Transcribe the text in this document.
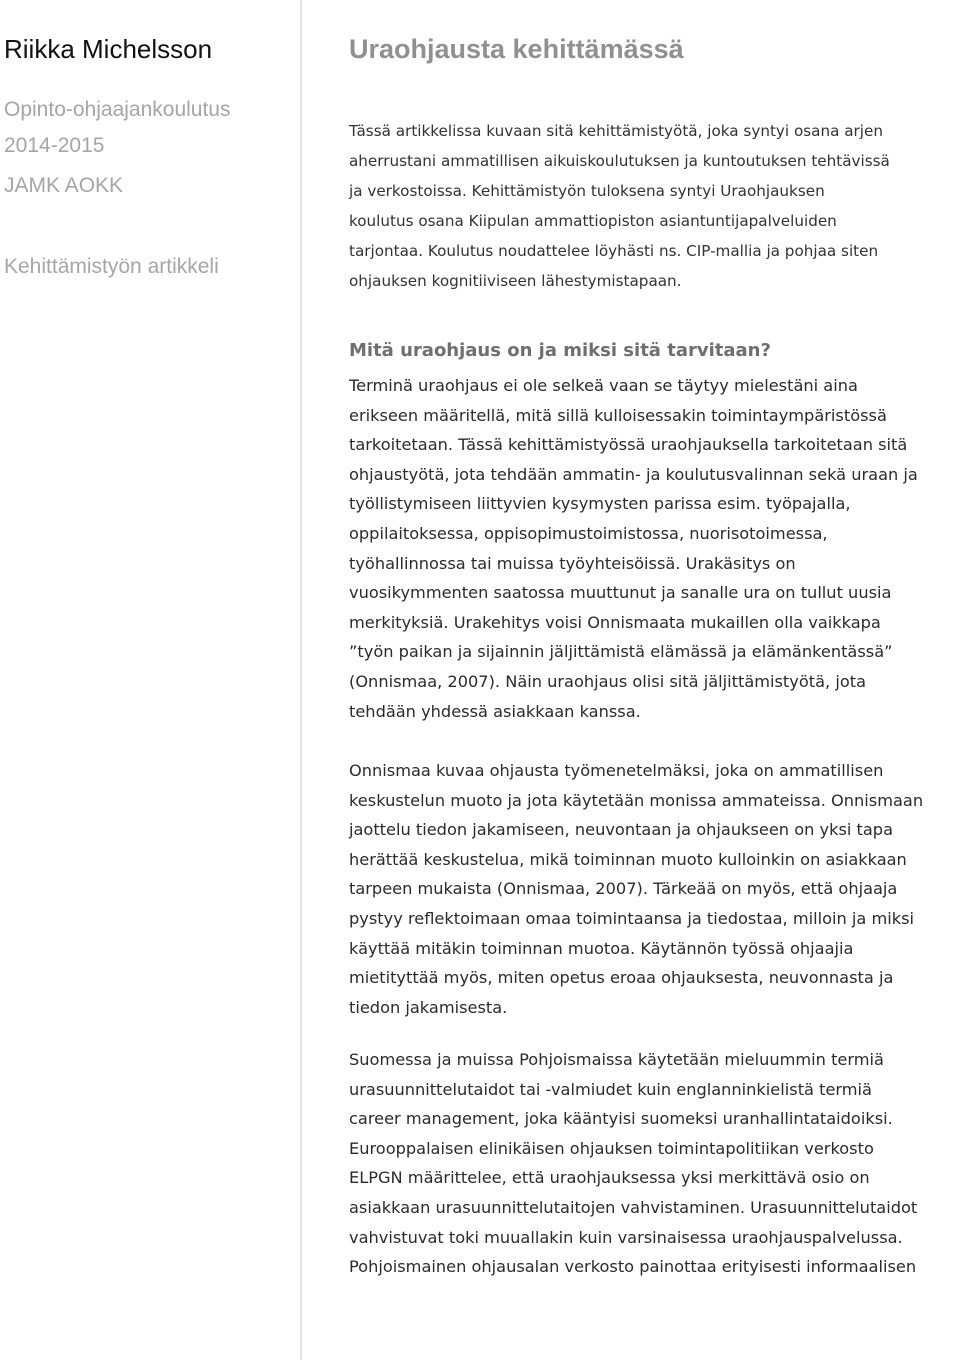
Riikka Michelsson
Opinto-ohjaajankoulutus
2014-2015
JAMK AOKK
Kehittämistyön artikkeli
Uraohjausta kehittämässä
Tässä artikkelissa kuvaan sitä kehittämistyötä, joka syntyi osana arjen
aherrustani ammatillisen aikuiskoulutuksen ja kuntoutuksen tehtävissä
ja verkostoissa. Kehittämistyön tuloksena syntyi Uraohjauksen
koulutus osana Kiipulan ammattiopiston asiantuntijapalveluiden
tarjontaa. Koulutus noudattelee löyhästi ns. CIP-mallia ja pohjaa siten
ohjauksen kognitiiviseen lähestymistapaan.
Mitä uraohjaus on ja miksi sitä tarvitaan?
Terminä uraohjaus ei ole selkeä vaan se täytyy mielestäni aina
erikseen määritellä, mitä sillä kulloisessakin toimintaympäristössä
tarkoitetaan. Tässä kehittämistyössä uraohjauksella tarkoitetaan sitä
ohjaustyötä, jota tehdään ammatin- ja koulutusvalinnan sekä uraan ja
työllistymiseen liittyvien kysymysten parissa esim. työpajalla,
oppilaitoksessa, oppisopimustoimistossa, nuorisotoimessa,
työhallinnossa tai muissa työyhteisöissä. Urakäsitys on
vuosikymmenten saatossa muuttunut ja sanalle ura on tullut uusia
merkityksiä. Urakehitys voisi Onnismaata mukaillen olla vaikkapa
”työn paikan ja sijainnin jäljittämistä elämässä ja elämänkentässä”
(Onnismaa, 2007). Näin uraohjaus olisi sitä jäljittämistyötä, jota
tehdään yhdessä asiakkaan kanssa.
Onnismaa kuvaa ohjausta työmenetelmäksi, joka on ammatillisen
keskustelun muoto ja jota käytetään monissa ammateissa. Onnismaan
jaottelu tiedon jakamiseen, neuvontaan ja ohjaukseen on yksi tapa
herättää keskustelua, mikä toiminnan muoto kulloinkin on asiakkaan
tarpeen mukaista (Onnismaa, 2007). Tärkeää on myös, että ohjaaja
pystyy reflektoimaan omaa toimintaansa ja tiedostaa, milloin ja miksi
käyttää mitäkin toiminnan muotoa. Käytännön työssä ohjaajia
mietityttää myös, miten opetus eroaa ohjauksesta, neuvonnasta ja
tiedon jakamisesta.
Suomessa ja muissa Pohjoismaissa käytetään mieluummin termiä
urasuunnittelutaidot tai -valmiudet kuin englanninkielistä termiä
career management, joka kääntyisi suomeksi uranhallintataidoiksi.
Eurooppalaisen elinikäisen ohjauksen toimintapolitiikan verkosto
ELPGN määrittelee, että uraohjauksessa yksi merkittävä osio on
asiakkaan urasuunnittelutaitojen vahvistaminen. Urasuunnittelutaidot
vahvistuvat toki muuallakin kuin varsinaisessa uraohjauspalvelussa.
Pohjoismainen ohjausalan verkosto painottaa erityisesti informaalisen
